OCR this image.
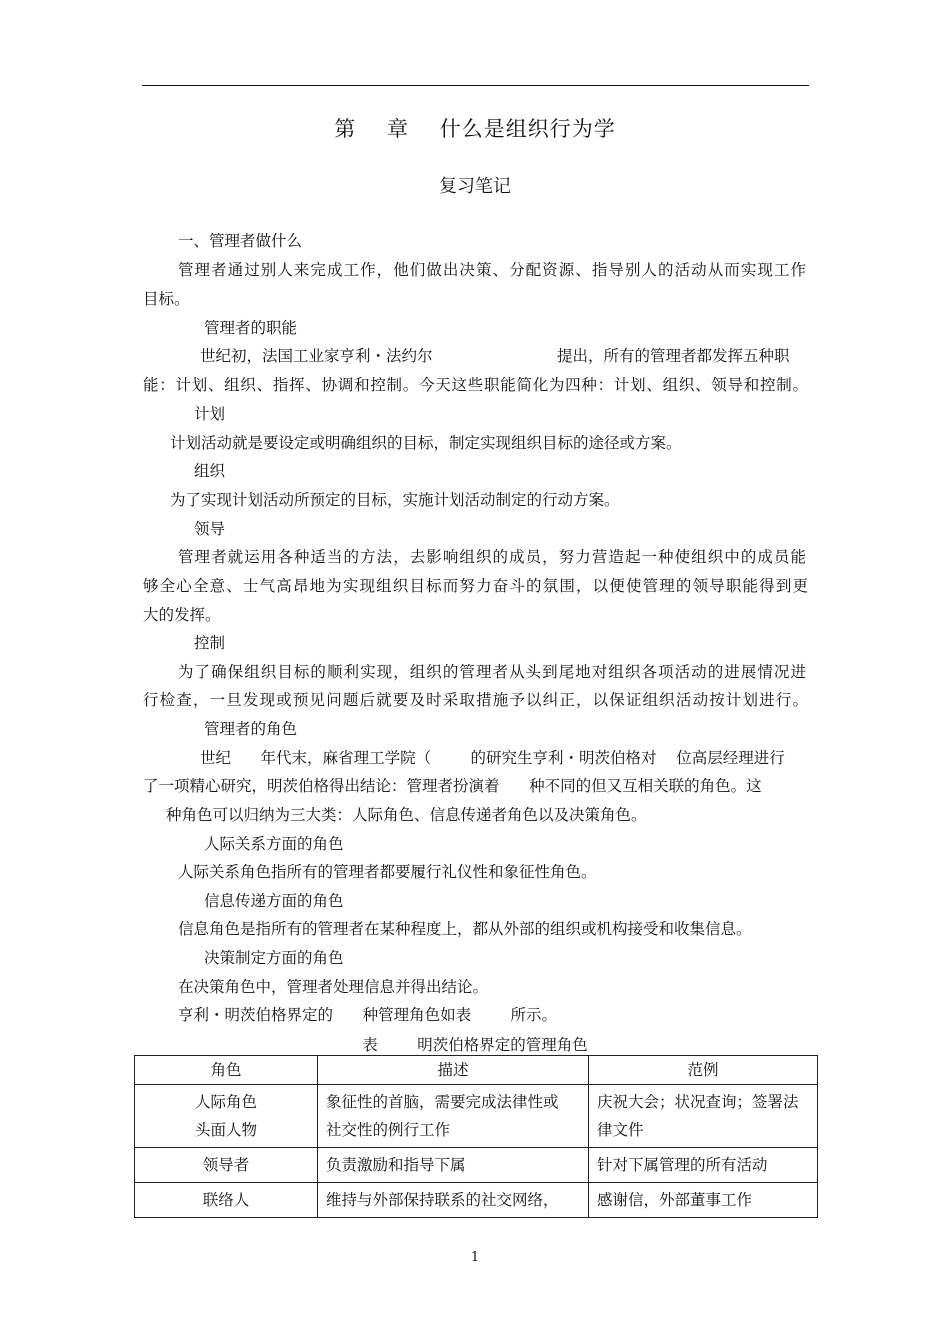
第    章    什么是组织行为学
复习笔记
一、管理者做什么
管理者通过别人来完成工作，他们做出决策、分配资源、指导别人的活动从而实现工作
目标。
管理者的职能
世纪初，法国工业家亨利・法约尔	提出，所有的管理者都发挥五种职
能：计划、组织、指挥、协调和控制。今天这些职能简化为四种：计划、组织、领导和控制。
计划
计划活动就是要设定或明确组织的目标，制定实现组织目标的途径或方案。
组织
为了实现计划活动所预定的目标，实施计划活动制定的行动方案。
领导
管理者就运用各种适当的方法，去影响组织的成员，努力营造起一种使组织中的成员能
够全心全意、士气高昂地为实现组织目标而努力奋斗的氛围，以便使管理的领导职能得到更
大的发挥。
控制
为了确保组织目标的顺利实现，组织的管理者从头到尾地对组织各项活动的进展情况进
行检查，一旦发现或预见问题后就要及时采取措施予以纠正，以保证组织活动按计划进行。
管理者的角色
世纪      年代末，麻省理工学院（        的研究生亨利・明茨伯格对    位高层经理进行
了一项精心研究，明茨伯格得出结论：管理者扮演着      种不同的但又互相关联的角色。这
种角色可以归纳为三大类：人际角色、信息传递者角色以及决策角色。
人际关系方面的角色
人际关系角色指所有的管理者都要履行礼仪性和象征性角色。
信息传递方面的角色
信息角色是指所有的管理者在某种程度上，都从外部的组织或机构接受和收集信息。
决策制定方面的角色
在决策角色中，管理者处理信息并得出结论。
亨利・明茨伯格界定的      种管理角色如表        所示。
表        明茨伯格界定的管理角色
角色	描述	范例

人际角色
头面人物	象征性的首脑，需要完成法律性或
社交性的例行工作	庆祝大会；状况查询；签署法
律文件

领导者	负责激励和指导下属	针对下属管理的所有活动
联络人	维持与外部保持联系的社交网络，	感谢信，外部董事工作
1
